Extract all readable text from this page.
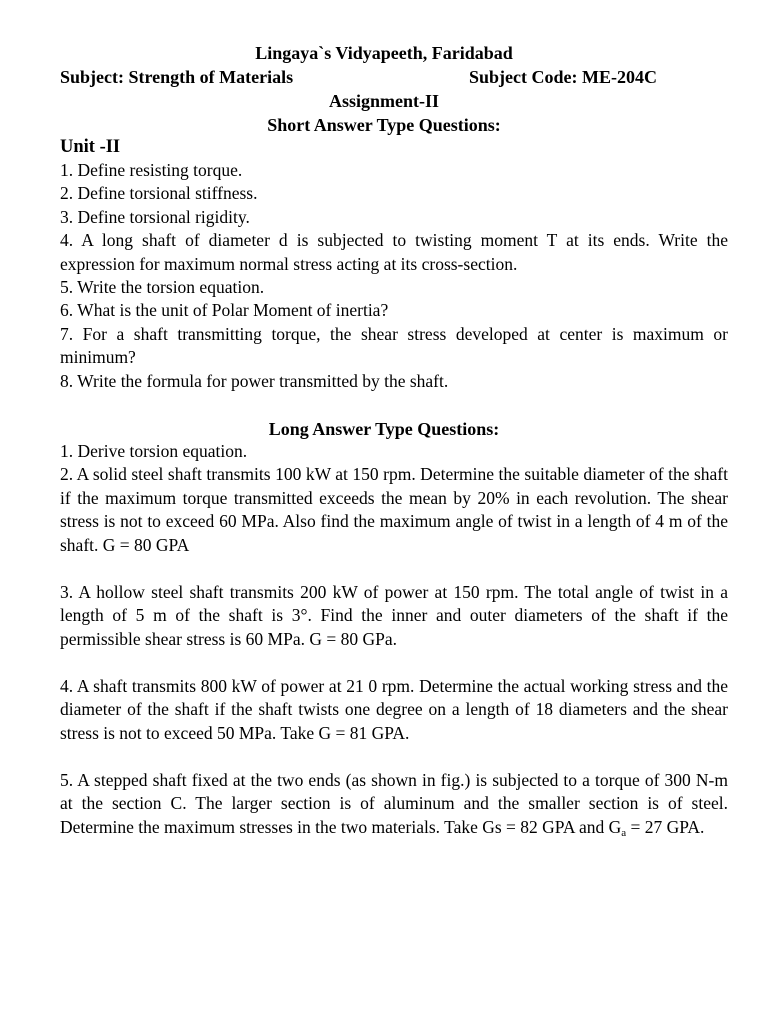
Lingaya`s Vidyapeeth, Faridabad
Subject: Strength of Materials	Subject Code: ME-204C
Assignment-II
Short Answer Type Questions:
Unit -II

1. Define resisting torque.

2. Define torsional stiffness.

3. Define torsional rigidity.

4. A long shaft of diameter d is subjected to twisting moment T at its ends. Write the expression for maximum normal stress acting at its cross-section.

5. Write the torsion equation.

6. What is the unit of Polar Moment of inertia?

7. For a shaft transmitting torque, the shear stress developed at center is maximum or minimum?

8. Write the formula for power transmitted by the shaft.

Long Answer Type Questions:

1. Derive torsion equation.

2. A solid steel shaft transmits 100 kW at 150 rpm. Determine the suitable diameter of the shaft if the maximum torque transmitted exceeds the mean by 20% in each revolution. The shear stress is not to exceed 60 MPa. Also find the maximum angle of twist in a length of 4 m of the shaft. G = 80 GPA

3. A hollow steel shaft transmits 200 kW of power at 150 rpm. The total angle of twist in a length of 5 m of the shaft is 3°. Find the inner and outer diameters of the shaft if the permissible shear stress is 60 MPa. G = 80 GPa.

4. A shaft transmits 800 kW of power at 21 0 rpm. Determine the actual working stress and the diameter of the shaft if the shaft twists one degree on a length of 18 diameters and the shear stress is not to exceed 50 MPa. Take G = 81 GPA.

5. A stepped shaft fixed at the two ends (as shown in fig.) is subjected to a torque of 300 N-m at the section C. The larger section is of aluminum and the smaller section is of steel. Determine the maximum stresses in the two materials. Take Gs = 82 GPA and $G_a = 27$ GPA.
